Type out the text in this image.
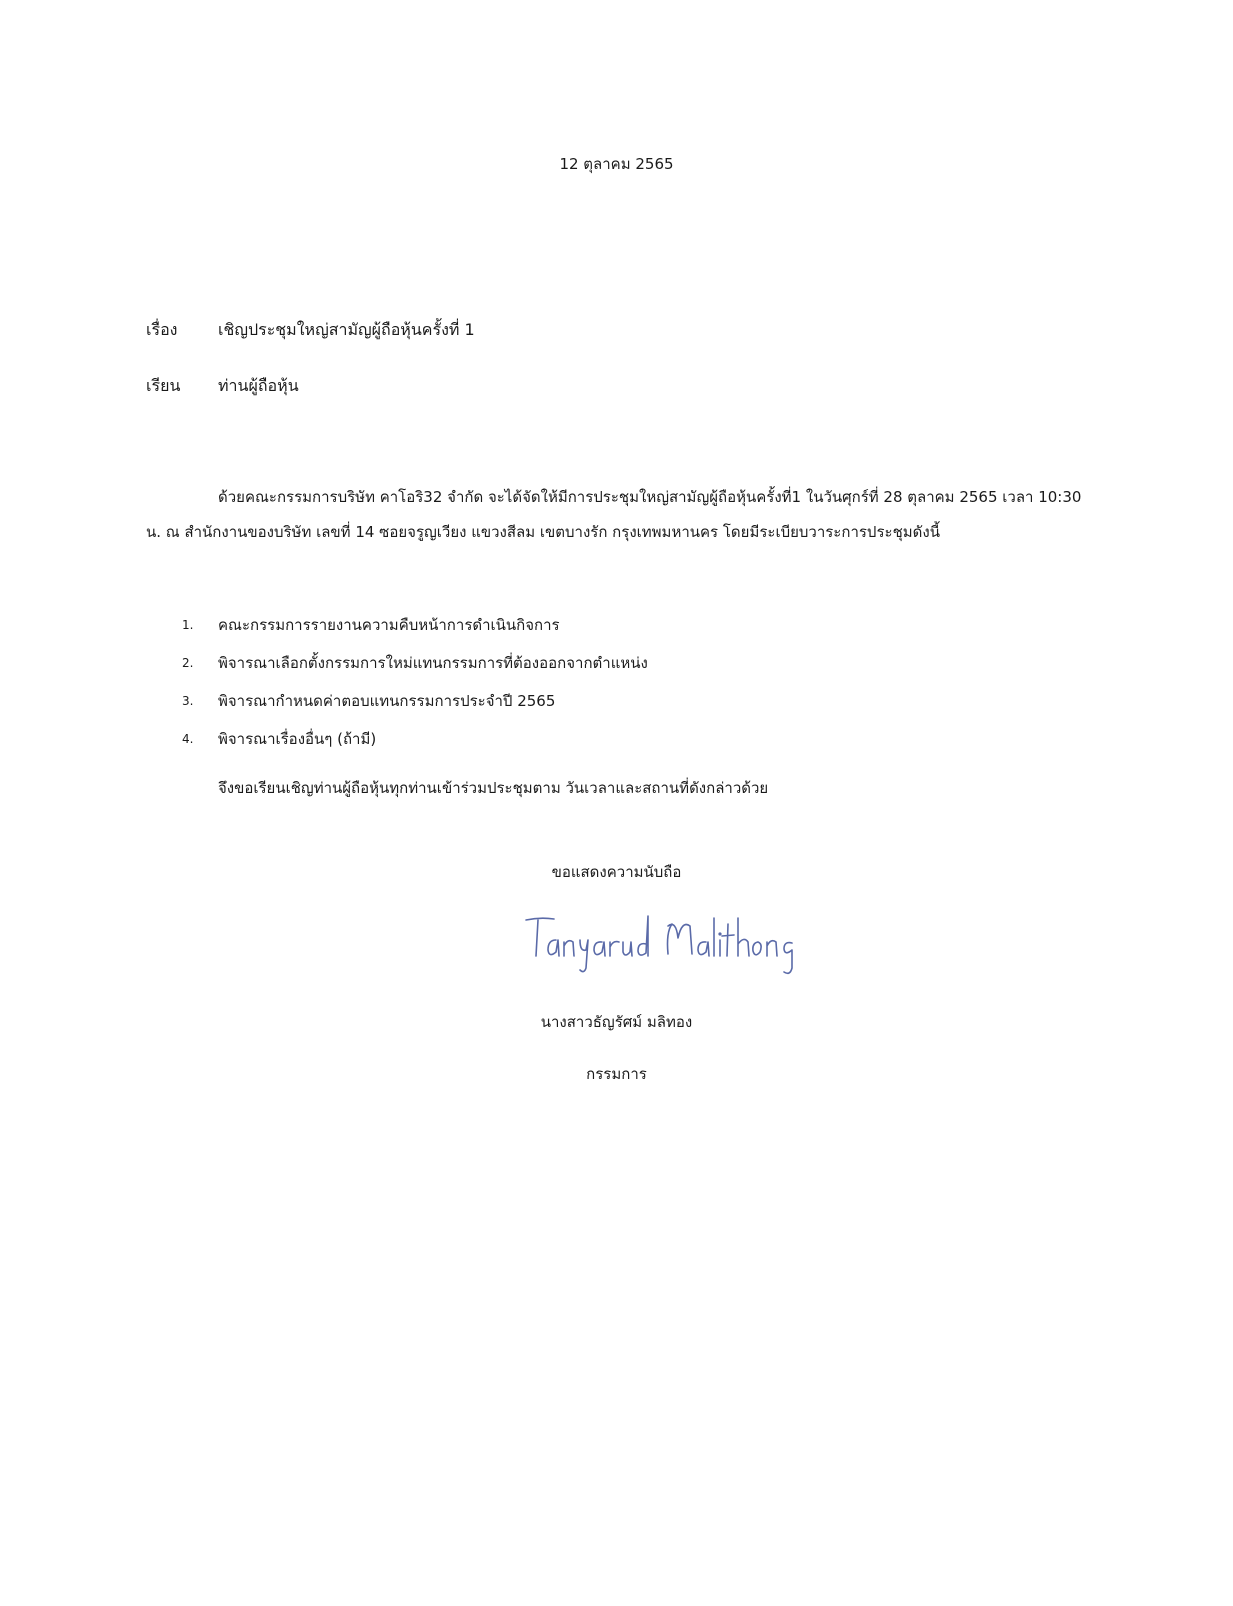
12 ตุลาคม 2565
เรื่อง	เชิญประชุมใหญ่สามัญผู้ถือหุ้นครั้งที่ 1
เรียน	ท่านผู้ถือหุ้น

ด้วยคณะกรรมการบริษัท คาโอริ32 จำกัด จะได้จัดให้มีการประชุมใหญ่สามัญผู้ถือหุ้นครั้งที่1 ในวันศุกร์ที่ 28 ตุลาคม 2565 เวลา 10:30 น. ณ สำนักงานของบริษัท เลขที่ 14 ซอยจรูญเวียง แขวงสีลม เขตบางรัก กรุงเทพมหานคร โดยมีระเบียบวาระการประชุมดังนี้

1.	คณะกรรมการรายงานความคืบหน้าการดำเนินกิจการ
2.	พิจารณาเลือกตั้งกรรมการใหม่แทนกรรมการที่ต้องออกจากตำแหน่ง
3.	พิจารณากำหนดค่าตอบแทนกรรมการประจำปี 2565
4.	พิจารณาเรื่องอื่นๆ (ถ้ามี)

จึงขอเรียนเชิญท่านผู้ถือหุ้นทุกท่านเข้าร่วมประชุมตาม วันเวลาและสถานที่ดังกล่าวด้วย

ขอแสดงความนับถือ
นางสาวธัญรัศม์ มลิทอง
กรรมการ
